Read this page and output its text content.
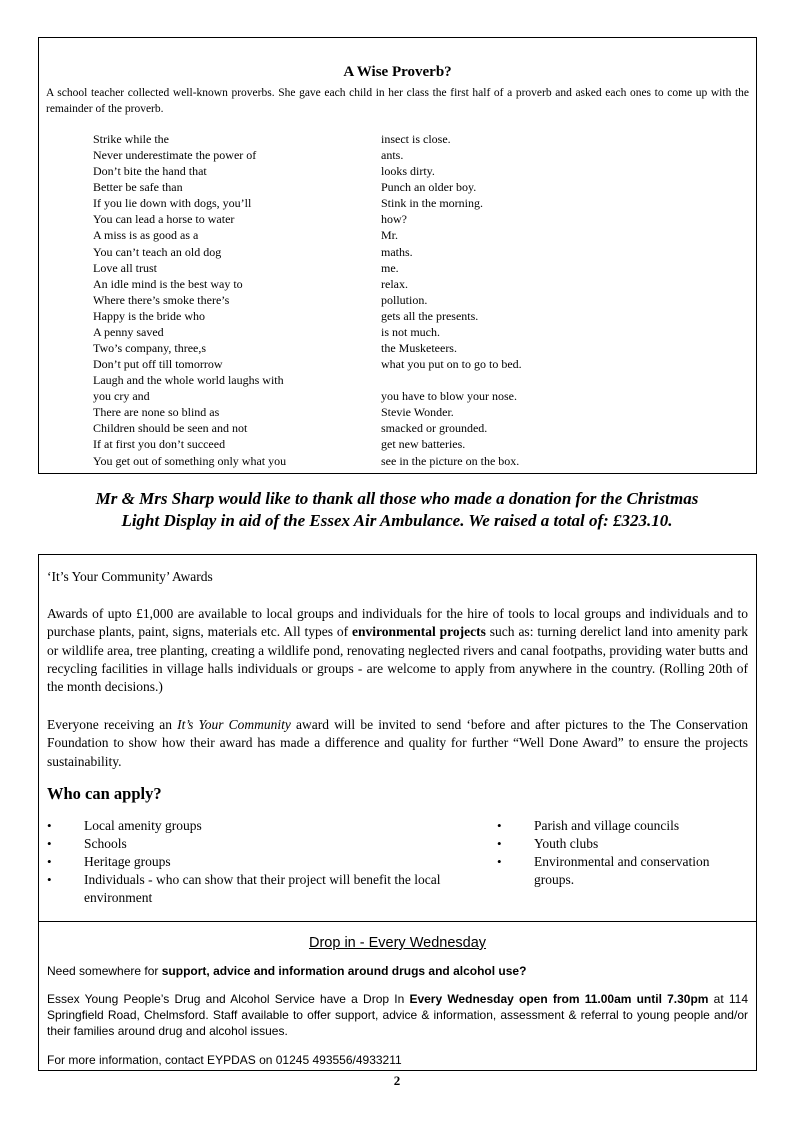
A Wise Proverb?
A school teacher collected well-known proverbs. She gave each child in her class the first half of a proverb and asked each ones to come up with the remainder of the proverb.
Strike while the	insect is close.
Never underestimate the power of	ants.
Don’t bite the hand that	looks dirty.
Better be safe than	Punch an older boy.
If you lie down with dogs, you’ll	Stink in the morning.
You can lead a horse to water	how?
A miss is as good as a	Mr.
You can’t teach an old dog	maths.
Love all trust	me.
An idle mind is the best way to	relax.
Where there’s smoke there’s	pollution.
Happy is the bride who	gets all the presents.
A penny saved	is not much.
Two’s company, three,s	the Musketeers.
Don’t put off till tomorrow	what you put on to go to bed.
Laugh and the whole world laughs with
you cry and	you have to blow your nose.
There are none so blind as	Stevie Wonder.
Children should be seen and not	smacked or grounded.
If at first you don’t succeed	get new batteries.
You get out of something only what you	see in the picture on the box.
Mr & Mrs Sharp would like to thank all those who made a donation for the Christmas
Light Display in aid of the Essex Air Ambulance. We raised a total of: £323.10.
‘It’s Your Community’ Awards
Awards of upto £1,000 are available to local groups and individuals for the hire of tools to local groups and individuals and to purchase plants, paint, signs, materials etc. All types of environmental projects such as: turning derelict land into amenity park or wildlife area, tree planting, creating a wildlife pond, renovating neglected rivers and canal footpaths, providing water butts and recycling facilities in village halls individuals or groups - are welcome to apply from anywhere in the country. (Rolling 20th of the month decisions.)
Everyone receiving an It’s Your Community award will be invited to send ‘before and after pictures to the The Conservation Foundation to show how their award has made a difference and quality for further “Well Done Award” to ensure the projects sustainability.
Who can apply?
• Local amenity groups
• Schools
• Heritage groups
• Individuals - who can show that their project will benefit the local environment
• Parish and village councils
• Youth clubs
• Environmental and conservation groups.
Drop in - Every Wednesday
Need somewhere for support, advice and information around drugs and alcohol use?
Essex Young People’s Drug and Alcohol Service have a Drop In Every Wednesday open from 11.00am until 7.30pm at 114 Springfield Road, Chelmsford. Staff available to offer support, advice & information, assessment & referral to young people and/or their families around drug and alcohol issues.
For more information, contact EYPDAS on 01245 493556/4933211
2
